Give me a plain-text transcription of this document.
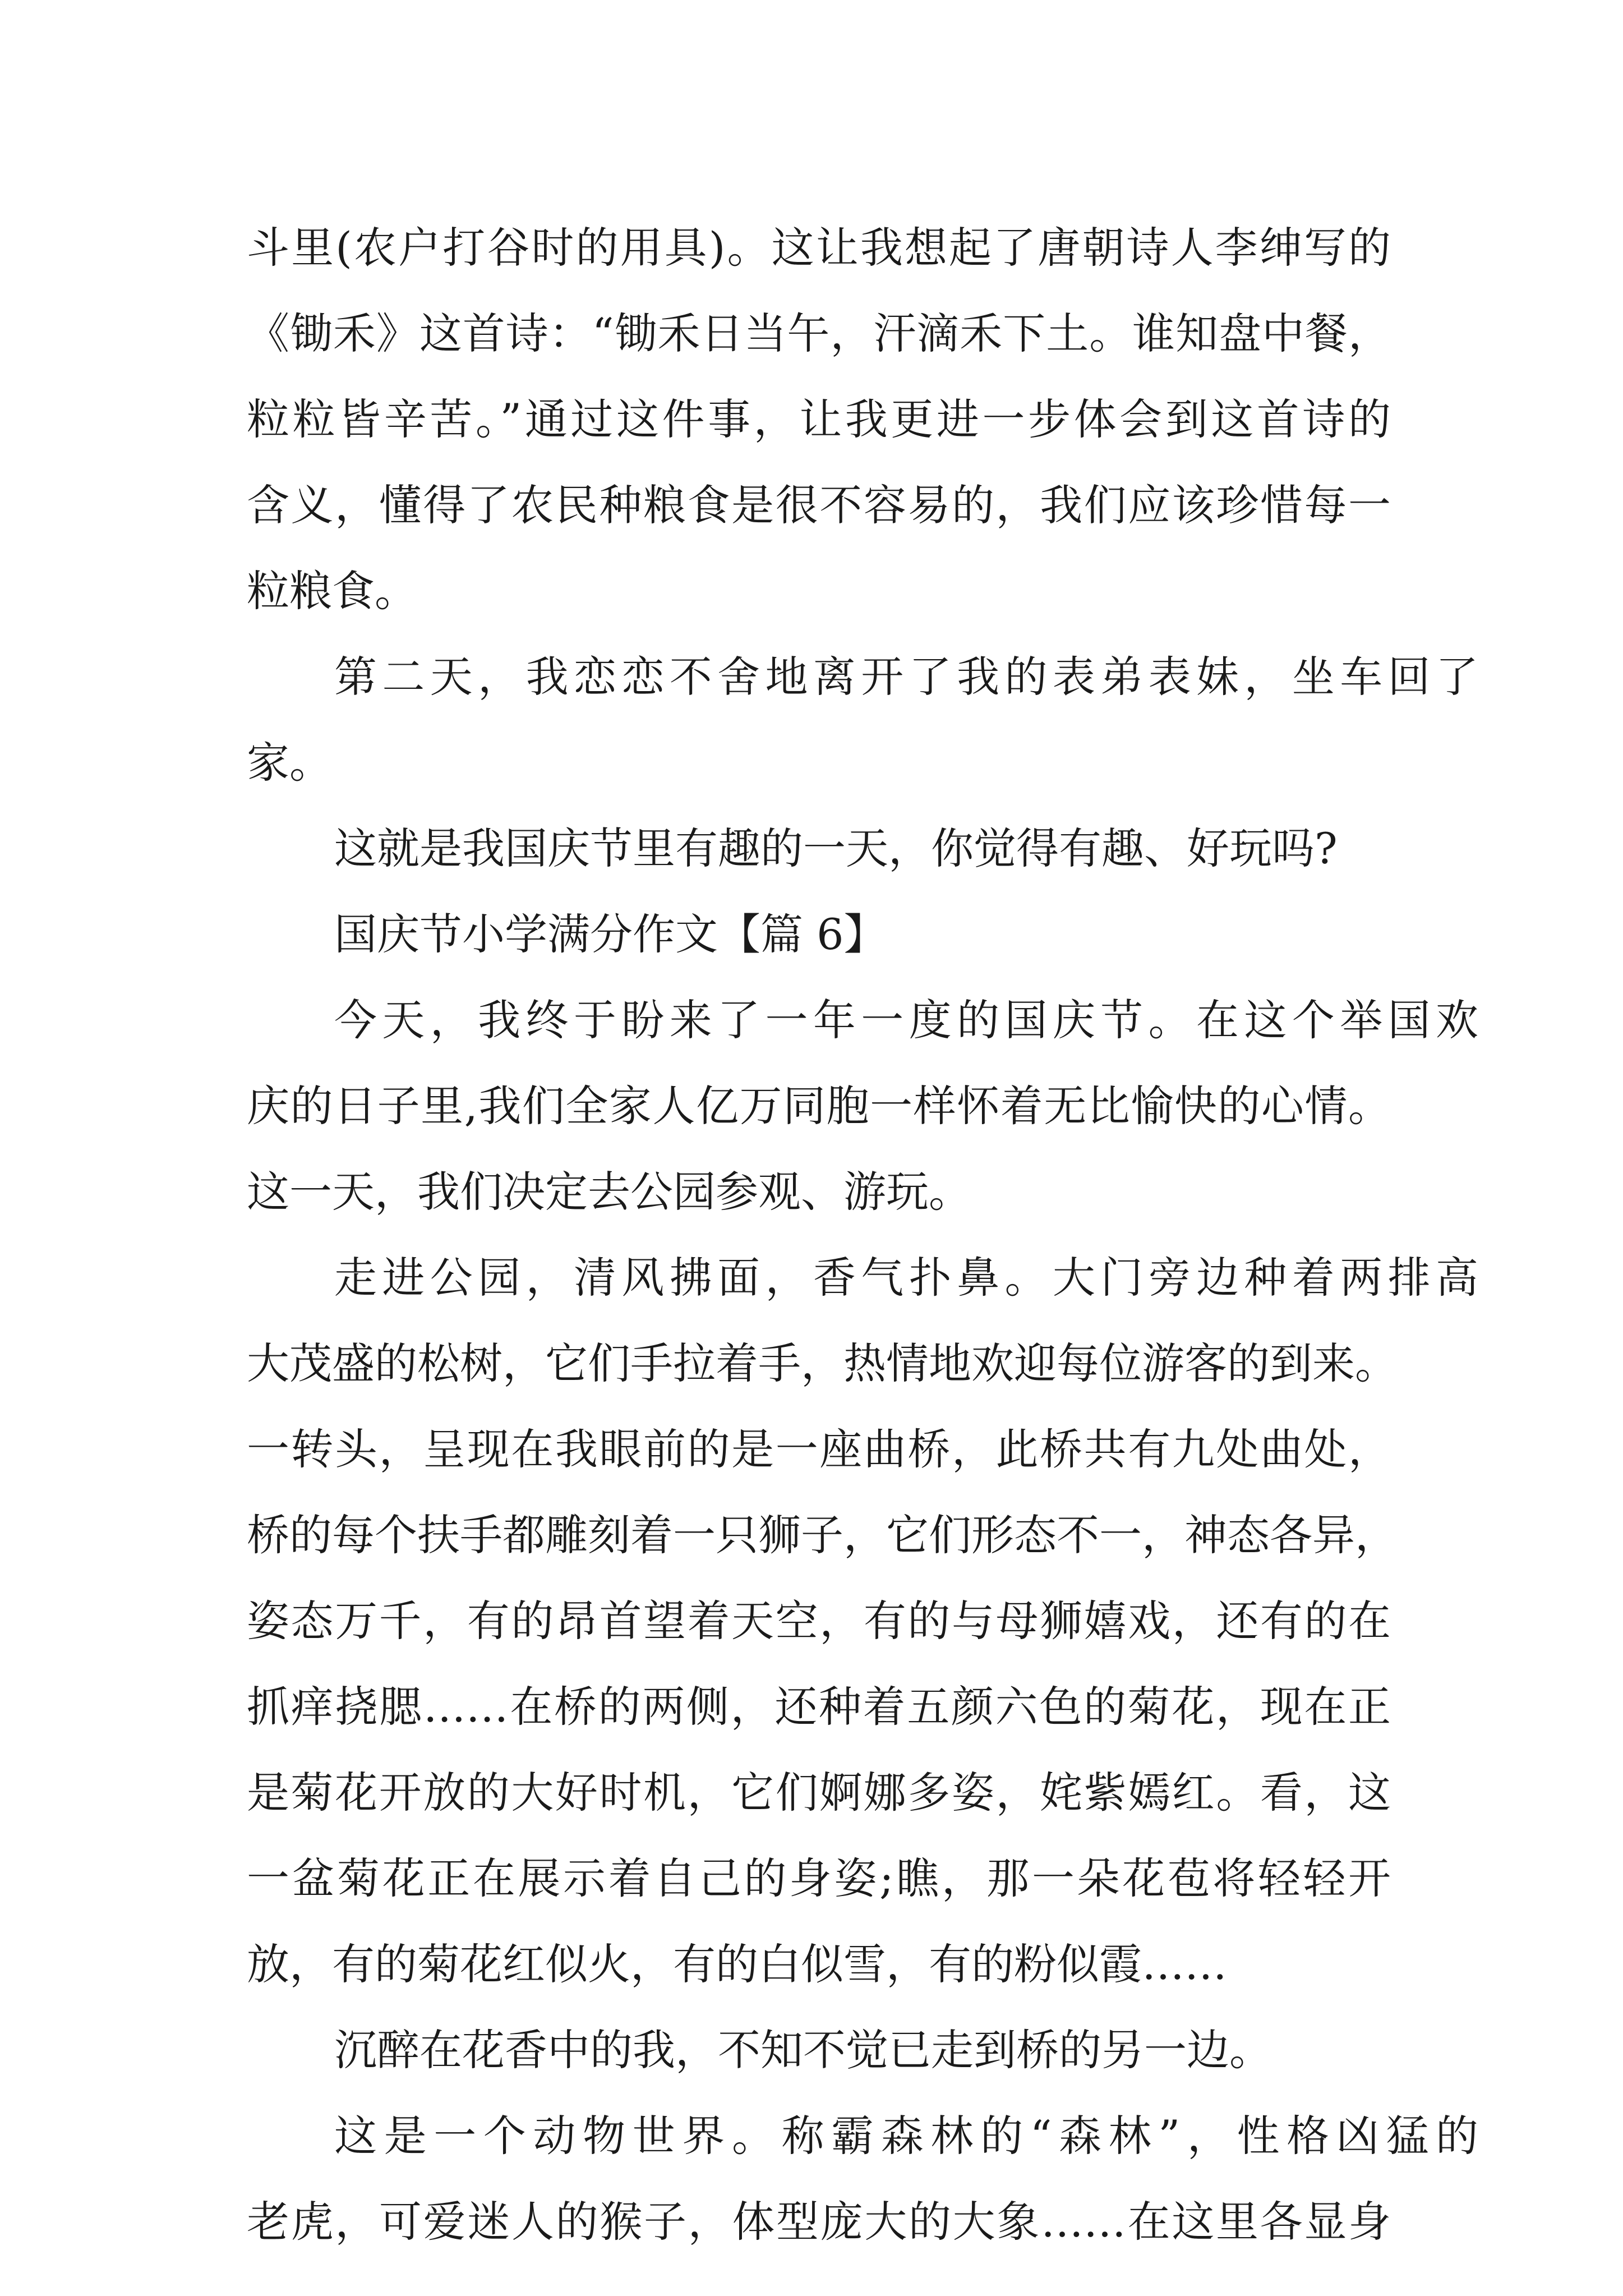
斗里(农户打谷时的用具)。这让我想起了唐朝诗人李绅写的
《锄禾》这首诗：“锄禾日当午，汗滴禾下土。谁知盘中餐，
粒粒皆辛苦。”通过这件事，让我更进一步体会到这首诗的
含义，懂得了农民种粮食是很不容易的，我们应该珍惜每一
粒粮食。
第二天，我恋恋不舍地离开了我的表弟表妹，坐车回了
家。
这就是我国庆节里有趣的一天，你觉得有趣、好玩吗?
国庆节小学满分作文【篇 6】
今天，我终于盼来了一年一度的国庆节。在这个举国欢
庆的日子里,我们全家人亿万同胞一样怀着无比愉快的心情。
这一天，我们决定去公园参观、游玩。
走进公园，清风拂面，香气扑鼻。大门旁边种着两排高
大茂盛的松树，它们手拉着手，热情地欢迎每位游客的到来。
一转头，呈现在我眼前的是一座曲桥，此桥共有九处曲处，
桥的每个扶手都雕刻着一只狮子，它们形态不一，神态各异，
姿态万千，有的昂首望着天空，有的与母狮嬉戏，还有的在
抓痒挠腮……在桥的两侧，还种着五颜六色的菊花，现在正
是菊花开放的大好时机，它们婀娜多姿，姹紫嫣红。看，这
一盆菊花正在展示着自己的身姿;瞧，那一朵花苞将轻轻开
放，有的菊花红似火，有的白似雪，有的粉似霞……
沉醉在花香中的我，不知不觉已走到桥的另一边。
这是一个动物世界。称霸森林的“森林”，性格凶猛的
老虎，可爱迷人的猴子，体型庞大的大象……在这里各显身
